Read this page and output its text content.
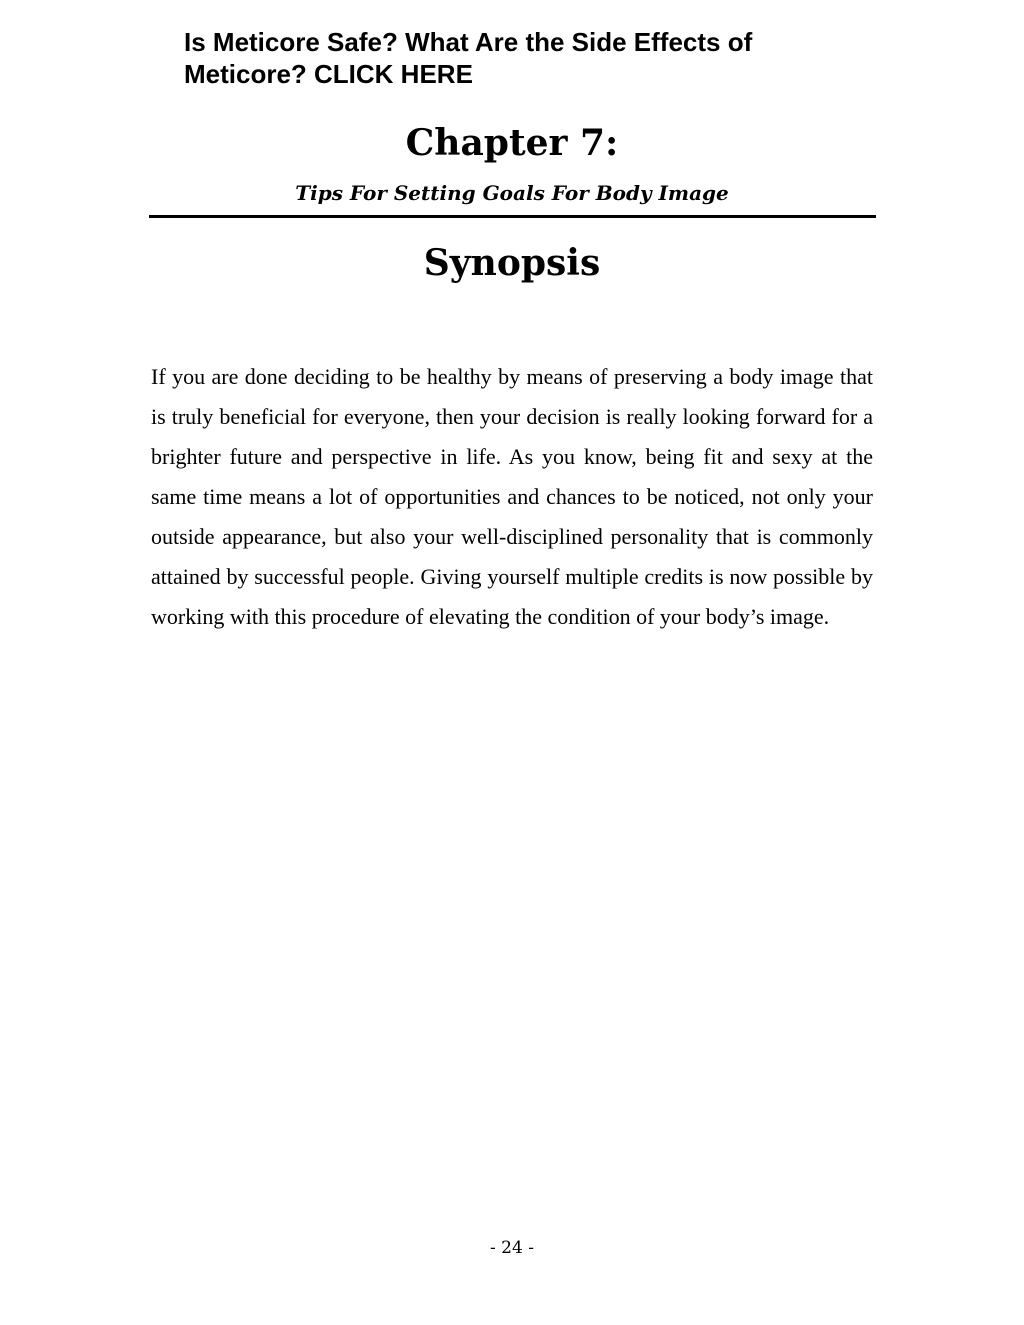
Is Meticore Safe? What Are the Side Effects of Meticore? CLICK HERE
Chapter 7:
Tips For Setting Goals For Body Image
Synopsis

If you are done deciding to be healthy by means of preserving a body image that is truly beneficial for everyone, then your decision is really looking forward for a brighter future and perspective in life. As you know, being fit and sexy at the same time means a lot of opportunities and chances to be noticed, not only your outside appearance, but also your well-disciplined personality that is commonly attained by successful people. Giving yourself multiple credits is now possible by working with this procedure of elevating the condition of your body’s image.

- 24 -
